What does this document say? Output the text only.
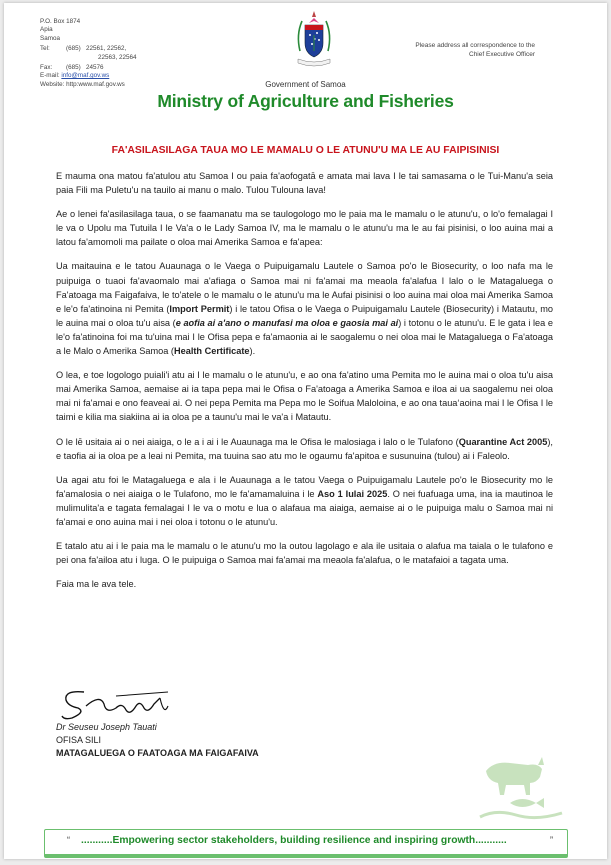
P.O. Box 1874
Apia
Samoa
Tel:	(685)   22561, 22562,
22563, 22564
Fax: (685)   24576
E-mail: info@maf.gov.ws
Website: http:www.maf.gov.ws
Please address all correspondence to the
Chief Executive Officer
Government of Samoa
Ministry of Agriculture and Fisheries
FA'ASILASILAGA TAUA MO LE MAMALU O LE ATUNU'U MA LE AU FAIPISINISI

E mauma ona matou fa'atulou atu Samoa I ou paia fa'aofogatā e amata mai lava I le tai samasama o le Tui-Manu'a seia paia Fili ma Puletu'u na tauilo ai manu o malo. Tulou Tulouna lava!

Ae o lenei fa'asilasilaga taua, o se faamanatu ma se taulogologo mo le paia ma le mamalu o le atunu'u, o lo'o femalagai I le va o Upolu ma Tutuila I le Va'a o le Lady Samoa IV, ma le mamalu o le atunu'u ma le au fai pisinisi, o loo auina mai a latou fa'amomoli ma pailate o oloa mai Amerika Samoa e fa'apea:

Ua maitauina e le tatou Auaunaga o le Vaega o Puipuigamalu Lautele o Samoa po'o le Biosecurity, o loo nafa ma le puipuiga o tuaoi fa'avaomalo mai a'afiaga o Samoa mai ni fa'amai ma meaola fa'alafua I lalo o le Matagaluega o Fa'atoaga ma Faigafaiva, le to'atele o le mamalu o le atunu'u ma le Aufai pisinisi o loo auina mai oloa mai Amerika Samoa e le'o fa'atinoina ni Pemita (Import Permit) i le tatou Ofisa o le Vaega o Puipuigamalu Lautele (Biosecurity) i Matautu, mo le auina mai o oloa tu'u aisa (e aofia ai a'ano o manufasi ma oloa e gaosia mai ai) i totonu o le atunu'u. E le gata i lea e le'o fa'atinoina foi ma tu'uina mai I le Ofisa pepa e fa'amaonia ai le saogalemu o nei oloa mai le Matagaluega o Fa'atoaga a le Malo o Amerika Samoa (Health Certificate).

O lea, e toe logologo puiali'i atu ai I le mamalu o le atunu'u, e ao ona fa'atino uma Pemita mo le auina mai o oloa tu'u aisa mai Amerika Samoa, aemaise ai ia tapa pepa mai le Ofisa o Fa'atoaga a Amerika Samoa e iloa ai ua saogalemu nei oloa mai ni fa'amai e ono feaveai ai. O nei pepa Pemita ma Pepa mo le Soifua Maloloina, e ao ona tauaʻaoina mai I le Ofisa I le taimi e kilia ma siakiina ai ia oloa pe a taunu'u mai le va'a i Matautu.

O le lē usitaia ai o nei aiaiga, o le a i ai i le Auaunaga ma le Ofisa le malosiaga i lalo o le Tulafono (Quarantine Act 2005), e taofia ai ia oloa pe a leai ni Pemita, ma tuuina sao atu mo le ogaumu fa'apitoa e susunuina (tulou) ai i Faleolo.

Ua agai atu foi le Matagaluega e ala i le Auaunaga a le tatou Vaega o Puipuigamalu Lautele po'o le Biosecurity mo le fa'amalosia o nei aiaiga o le Tulafono, mo le fa'amamaluina i le Aso 1 Iulai 2025. O nei fuafuaga uma, ina ia mautinoa le mulimulita'a e tagata femalagai I le va o motu e lua o alafaua ma aiaiga, aemaise ai o le puipuiga malu o Samoa mai ni fa'amai e ono auina mai i nei oloa i totonu o le atunu'u.

E tatalo atu ai i le paia ma le mamalu o le atunu'u mo la outou lagolago e ala ile usitaia o alafua ma taiala o le tulafono e pei ona fa'ailoa atu i luga. O le puipuiga o Samoa mai fa'amai ma meaola fa'alafua, o le matafaioi a tagata uma.

Faia ma le ava tele.

Dr Seuseu Joseph Tauati
OFISA SILI
MATAGALUEGA O FAATOAGA MA FAIGAFAIVA
“ ...........Empowering sector stakeholders, building resilience and inspiring growth...........	”
